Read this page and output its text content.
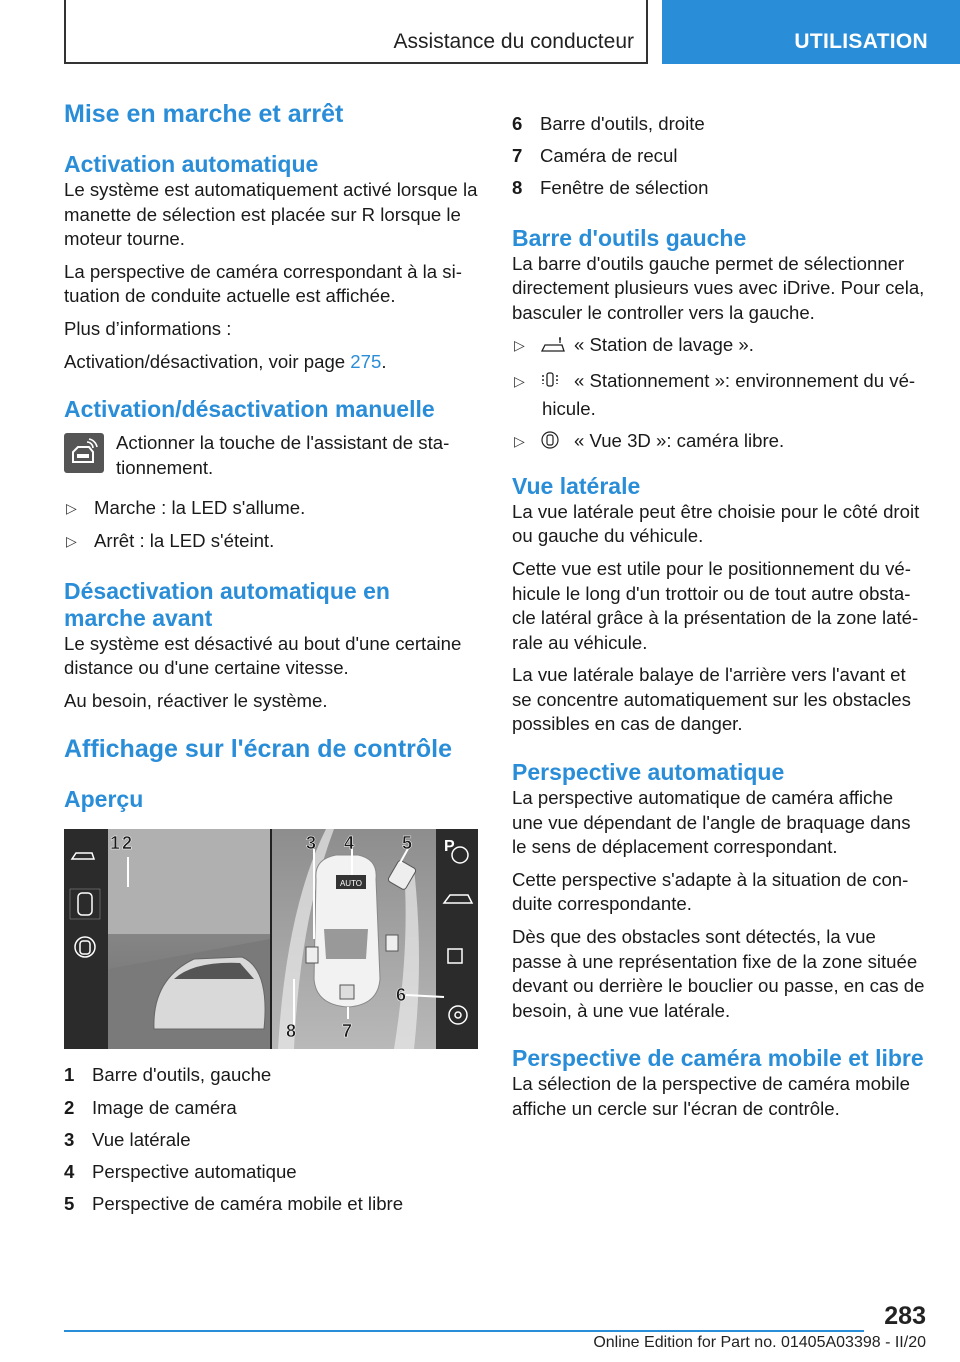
Assistance du conducteur	UTILISATION
Mise en marche et arrêt
Activation automatique

Le système est automatiquement activé lorsque la manette de sélection est placée sur R lorsque le moteur tourne.

La perspective de caméra correspondant à la si-tuation de conduite actuelle est affichée.

Plus d’informations :

Activation/désactivation, voir page 275.

Activation/désactivation manuelle

Actionner la touche de l'assistant de sta-tionnement.

▷ Marche : la LED s'allume.
▷ Arrêt : la LED s'éteint.
Désactivation automatique en marche avant

Le système est désactivé au bout d'une certaine distance ou d'une certaine vitesse.

Au besoin, réactiver le système.

Affichage sur l'écran de contrôle
Aperçu
AUTO
P
1 2	3 4	5
6
7
8
1 Barre d'outils, gauche
2 Image de caméra
3 Vue latérale
4 Perspective automatique
5 Perspective de caméra mobile et libre
6 Barre d'outils, droite
7 Caméra de recul
8 Fenêtre de sélection
Barre d'outils gauche

La barre d'outils gauche permet de sélectionner directement plusieurs vues avec iDrive. Pour cela, basculer le controller vers la gauche.

▷	« Station de lavage ».
▷	« Stationnement »: environnement du vé-hicule.
▷	« Vue 3D »: caméra libre.
Vue latérale

La vue latérale peut être choisie pour le côté droit ou gauche du véhicule.

Cette vue est utile pour le positionnement du vé-hicule le long d'un trottoir ou de tout autre obsta-cle latéral grâce à la présentation de la zone laté-rale au véhicule.

La vue latérale balaye de l'arrière vers l'avant et se concentre automatiquement sur les obstacles possibles en cas de danger.

Perspective automatique

La perspective automatique de caméra affiche une vue dépendant de l'angle de braquage dans le sens de déplacement correspondant.

Cette perspective s'adapte à la situation de con-duite correspondante.

Dès que des obstacles sont détectés, la vue passe à une représentation fixe de la zone située devant ou derrière le bouclier ou passe, en cas de besoin, à une vue latérale.

Perspective de caméra mobile et libre

La sélection de la perspective de caméra mobile affiche un cercle sur l'écran de contrôle.

283
Online Edition for Part no. 01405A03398 - II/20
